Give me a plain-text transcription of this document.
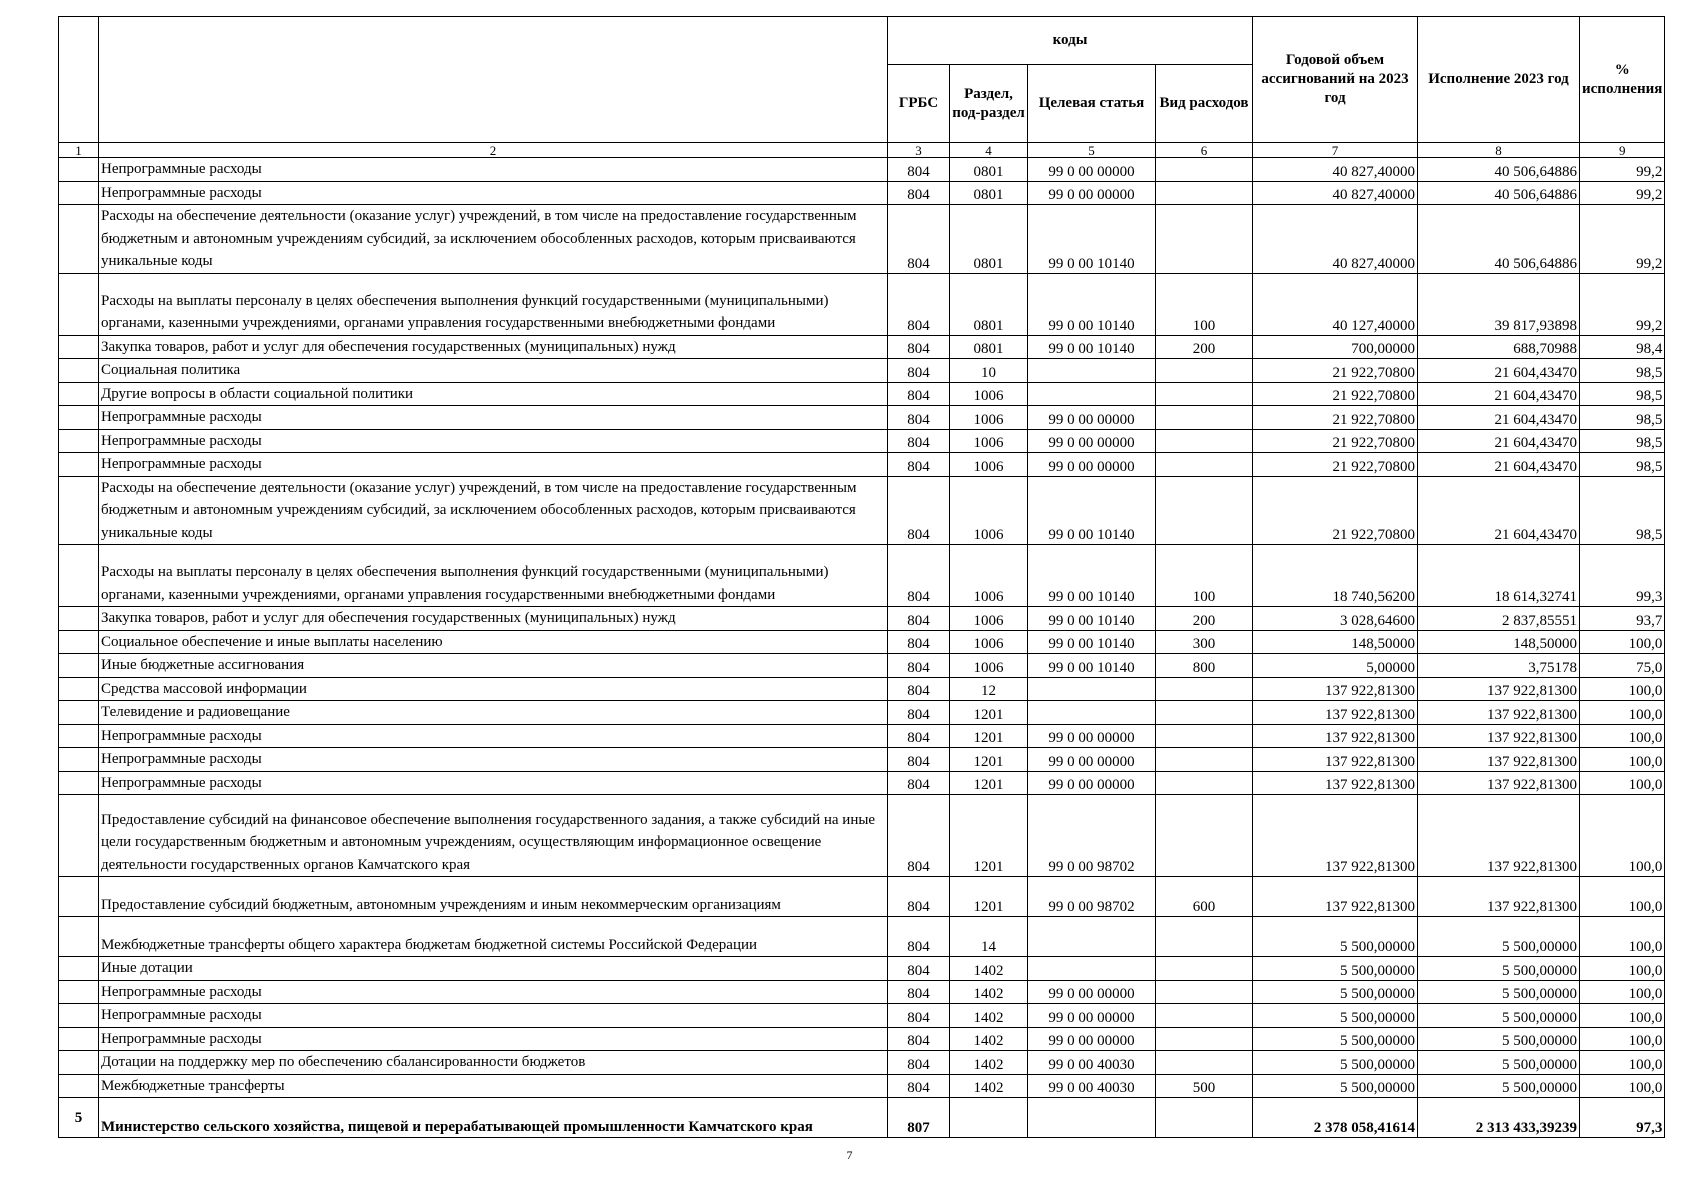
		коды				Годовой объем ассигнований на 2023 год	Исполнение 2023 год	% исполнения
		ГРБС	Раздел, под-раздел	Целевая статья	Вид расходов			
1	2	3	4	5	6	7	8	9
	Непрограммные расходы	804	0801	99 0 00 00000		40 827,40000	40 506,64886	99,2
	Непрограммные расходы	804	0801	99 0 00 00000		40 827,40000	40 506,64886	99,2
	Расходы на обеспечение деятельности (оказание услуг) учреждений, в том числе на предоставление государственным бюджетным и автономным учреждениям субсидий, за исключением обособленных расходов, которым присваиваются уникальные коды	804	0801	99 0 00 10140		40 827,40000	40 506,64886	99,2
	Расходы на выплаты персоналу в целях обеспечения выполнения функций государственными (муниципальными) органами, казенными учреждениями, органами управления государственными внебюджетными фондами	804	0801	99 0 00 10140	100	40 127,40000	39 817,93898	99,2
	Закупка товаров, работ и услуг для обеспечения государственных (муниципальных) нужд	804	0801	99 0 00 10140	200	700,00000	688,70988	98,4
	Социальная политика	804	10			21 922,70800	21 604,43470	98,5
	Другие вопросы в области социальной политики	804	1006			21 922,70800	21 604,43470	98,5
	Непрограммные расходы	804	1006	99 0 00 00000		21 922,70800	21 604,43470	98,5
	Непрограммные расходы	804	1006	99 0 00 00000		21 922,70800	21 604,43470	98,5
	Непрограммные расходы	804	1006	99 0 00 00000		21 922,70800	21 604,43470	98,5
	Расходы на обеспечение деятельности (оказание услуг) учреждений, в том числе на предоставление государственным бюджетным и автономным учреждениям субсидий, за исключением обособленных расходов, которым присваиваются уникальные коды	804	1006	99 0 00 10140		21 922,70800	21 604,43470	98,5
	Расходы на выплаты персоналу в целях обеспечения выполнения функций государственными (муниципальными) органами, казенными учреждениями, органами управления государственными внебюджетными фондами	804	1006	99 0 00 10140	100	18 740,56200	18 614,32741	99,3
	Закупка товаров, работ и услуг для обеспечения государственных (муниципальных) нужд	804	1006	99 0 00 10140	200	3 028,64600	2 837,85551	93,7
	Социальное обеспечение и иные выплаты населению	804	1006	99 0 00 10140	300	148,50000	148,50000	100,0
	Иные бюджетные ассигнования	804	1006	99 0 00 10140	800	5,00000	3,75178	75,0
	Средства массовой информации	804	12			137 922,81300	137 922,81300	100,0
	Телевидение и радиовещание	804	1201			137 922,81300	137 922,81300	100,0
	Непрограммные расходы	804	1201	99 0 00 00000		137 922,81300	137 922,81300	100,0
	Непрограммные расходы	804	1201	99 0 00 00000		137 922,81300	137 922,81300	100,0
	Непрограммные расходы	804	1201	99 0 00 00000		137 922,81300	137 922,81300	100,0
	Предоставление субсидий на финансовое обеспечение выполнения государственного задания, а также субсидий на иные цели государственным бюджетным и автономным учреждениям, осуществляющим информационное освещение деятельности государственных органов Камчатского края	804	1201	99 0 00 98702		137 922,81300	137 922,81300	100,0
	Предоставление субсидий бюджетным, автономным учреждениям и иным некоммерческим организациям	804	1201	99 0 00 98702	600	137 922,81300	137 922,81300	100,0
	Межбюджетные трансферты общего характера бюджетам бюджетной системы Российской Федерации	804	14			5 500,00000	5 500,00000	100,0
	Иные дотации	804	1402			5 500,00000	5 500,00000	100,0
	Непрограммные расходы	804	1402	99 0 00 00000		5 500,00000	5 500,00000	100,0
	Непрограммные расходы	804	1402	99 0 00 00000		5 500,00000	5 500,00000	100,0
	Непрограммные расходы	804	1402	99 0 00 00000		5 500,00000	5 500,00000	100,0
	Дотации на поддержку мер по обеспечению сбалансированности бюджетов	804	1402	99 0 00 40030		5 500,00000	5 500,00000	100,0
	Межбюджетные трансферты	804	1402	99 0 00 40030	500	5 500,00000	5 500,00000	100,0
5	Министерство сельского хозяйства, пищевой и перерабатывающей промышленности Камчатского края	807				2 378 058,41614	2 313 433,39239	97,3
7
